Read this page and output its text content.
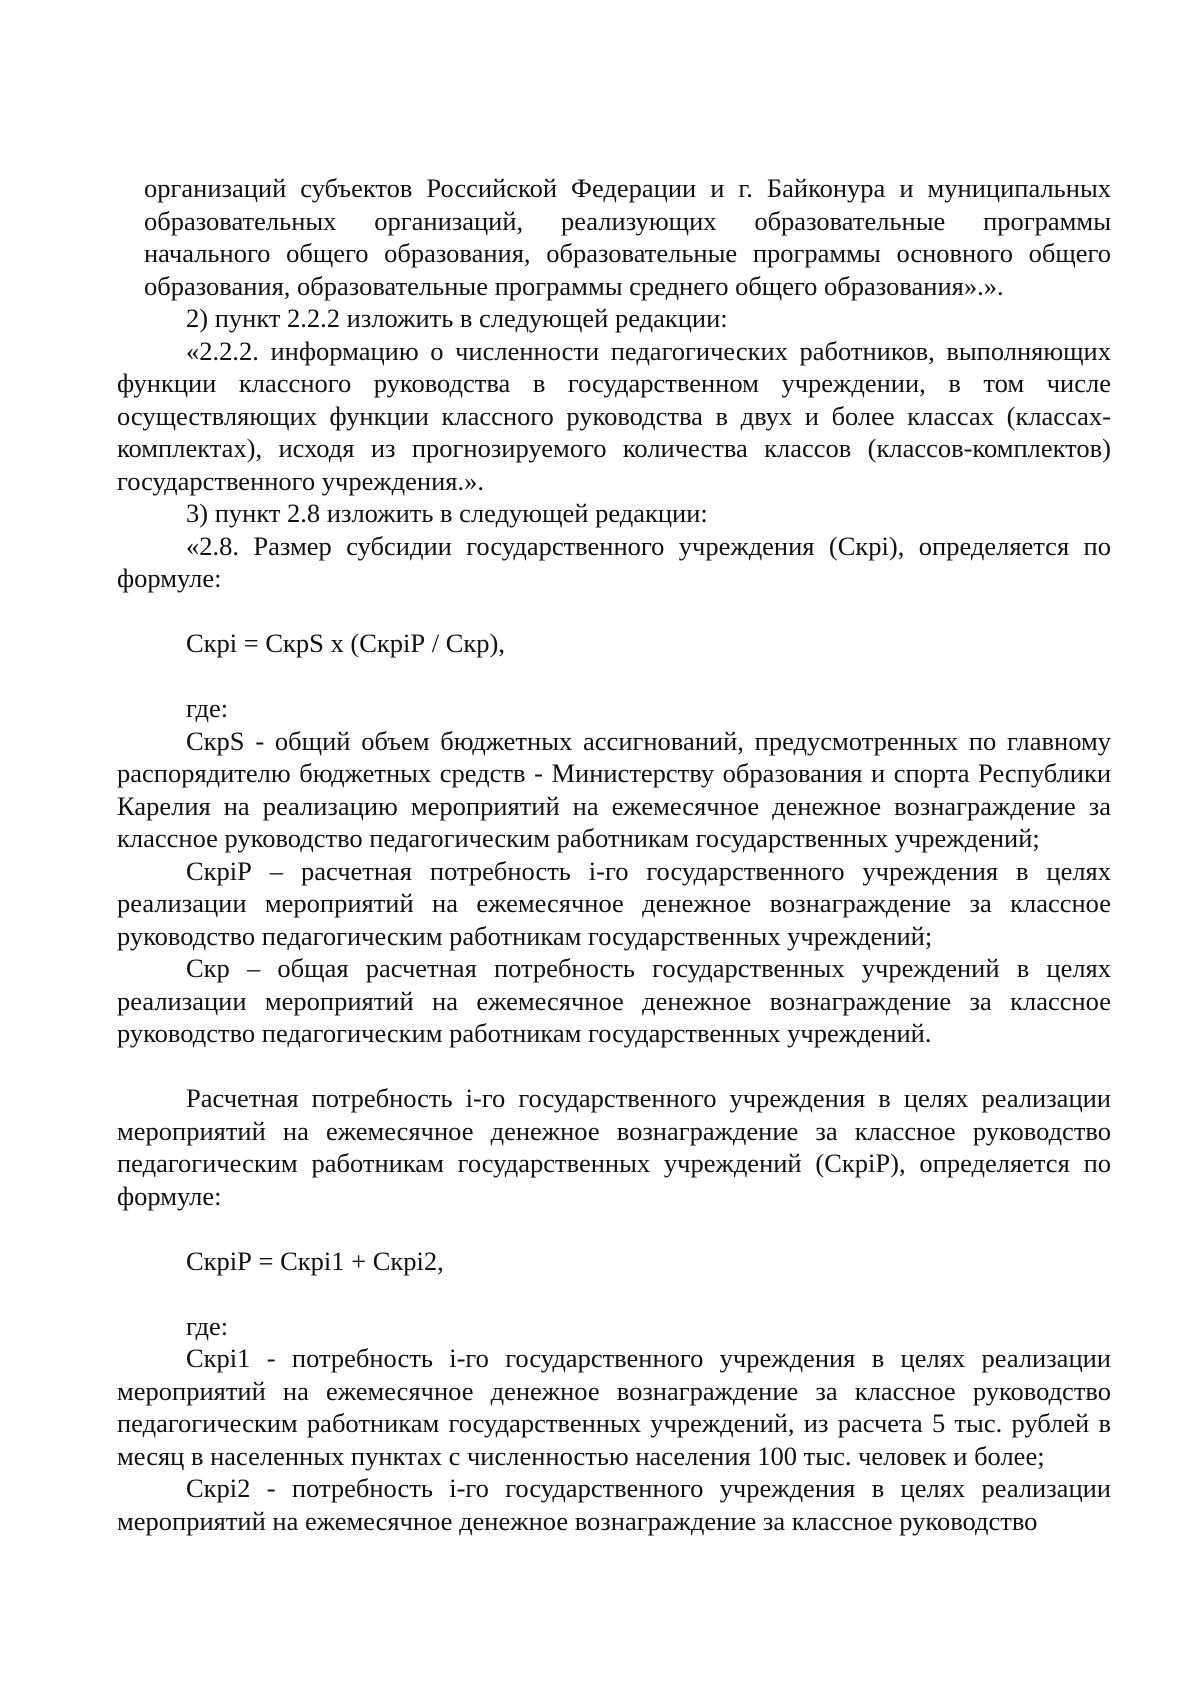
организаций субъектов Российской Федерации и г. Байконура и муниципальных образовательных организаций, реализующих образовательные программы начального общего образования, образовательные программы основного общего образования, образовательные программы среднего общего образования».».

2) пункт 2.2.2 изложить в следующей редакции:

«2.2.2. информацию о численности педагогических работников, выполняющих функции классного руководства в государственном учреждении, в том числе осуществляющих функции классного руководства в двух и более классах (классах-комплектах), исходя из прогнозируемого количества классов (классов-комплектов) государственного учреждения.».

3) пункт 2.8 изложить в следующей редакции:

«2.8. Размер субсидии государственного учреждения (Скрi), определяется по формуле:

Скрi = СкрS x (СкрiР / Скр),

где:

СкрS - общий объем бюджетных ассигнований, предусмотренных по главному распорядителю бюджетных средств - Министерству образования и спорта Республики Карелия на реализацию мероприятий на ежемесячное денежное вознаграждение за классное руководство педагогическим работникам государственных учреждений;

СкрiР – расчетная потребность i-го государственного учреждения в целях реализации мероприятий на ежемесячное денежное вознаграждение за классное руководство педагогическим работникам государственных учреждений;

Скр – общая расчетная потребность государственных учреждений в целях реализации мероприятий на ежемесячное денежное вознаграждение за классное руководство педагогическим работникам государственных учреждений.

Расчетная потребность i-го государственного учреждения в целях реализации мероприятий на ежемесячное денежное вознаграждение за классное руководство педагогическим работникам государственных учреждений (СкрiР), определяется по формуле:

СкрiР = Скрi1 + Скрi2,

где:

Скрi1 - потребность i-го государственного учреждения в целях реализации мероприятий на ежемесячное денежное вознаграждение за классное руководство педагогическим работникам государственных учреждений, из расчета 5 тыс. рублей в месяц в населенных пунктах с численностью населения 100 тыс. человек и более;

Скрi2 - потребность i-го государственного учреждения в целях реализации мероприятий на ежемесячное денежное вознаграждение за классное руководство
